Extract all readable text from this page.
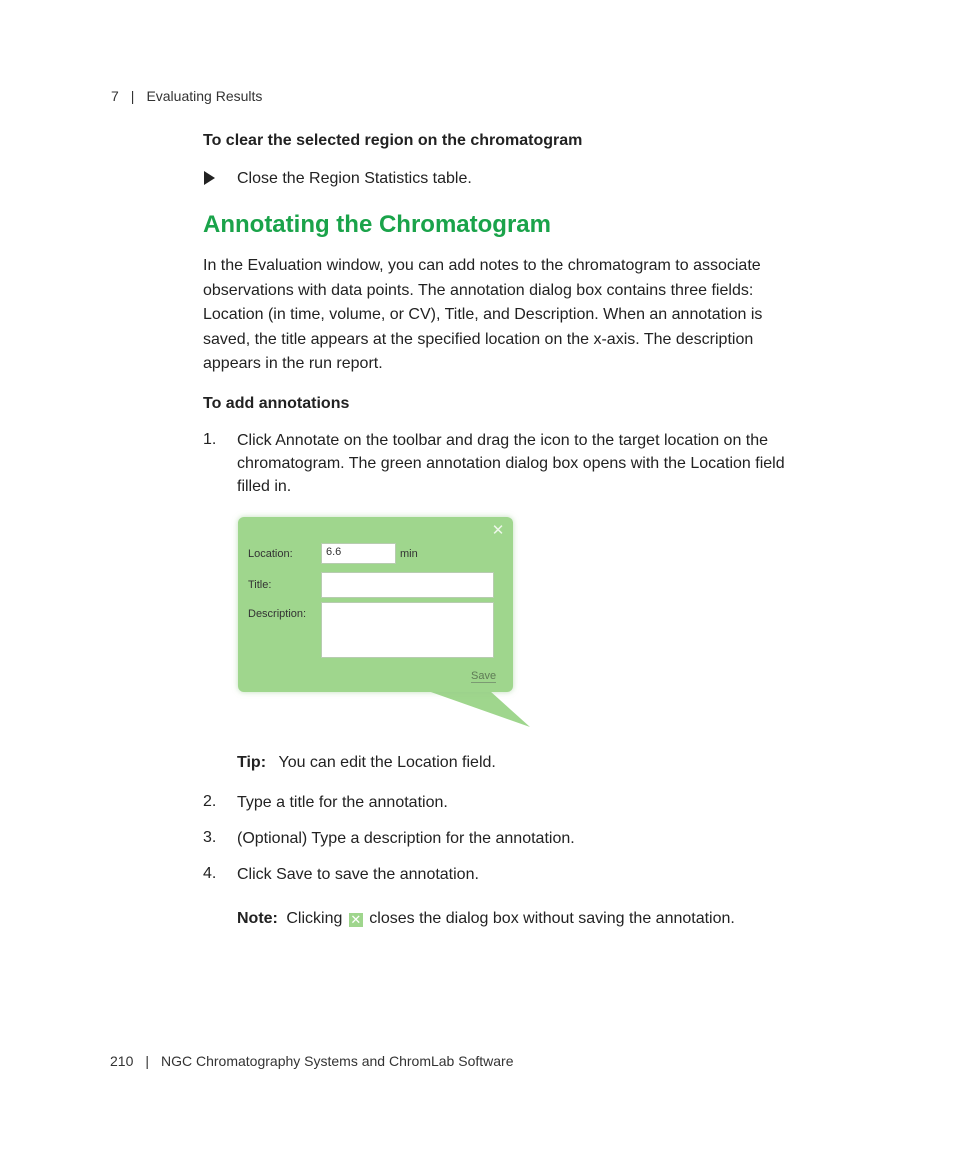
7 | Evaluating Results
To clear the selected region on the chromatogram
Close the Region Statistics table.
Annotating the Chromatogram
In the Evaluation window, you can add notes to the chromatogram to associate
observations with data points. The annotation dialog box contains three fields:
Location (in time, volume, or CV), Title, and Description. When an annotation is
saved, the title appears at the specified location on the x-axis. The description
appears in the run report.
To add annotations
1.	Click Annotate on the toolbar and drag the icon to the target location on the
chromatogram. The green annotation dialog box opens with the Location field
filled in.
✕
Location:	6.6	min
Title:
Description:
Save
Tip: You can edit the Location field.
2.	Type a title for the annotation.
3.	(Optional) Type a description for the annotation.
4.	Click Save to save the annotation.
Note: Clicking ✕ closes the dialog box without saving the annotation.
210 | NGC Chromatography Systems and ChromLab Software
